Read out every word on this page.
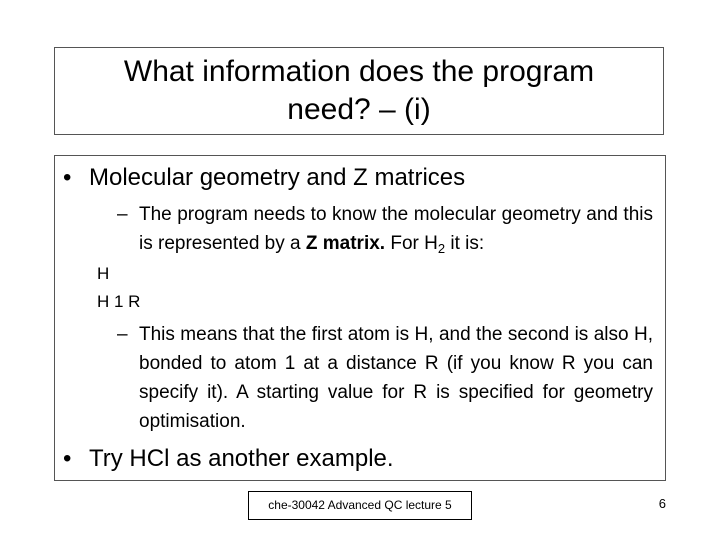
What information does the program
need? – (i)
• Molecular geometry and Z matrices
– The program needs to know the molecular geometry and this is represented by a Z matrix. For $H_2$ it is:
H
H 1 R
– This means that the first atom is H, and the second is also H, bonded to atom 1 at a distance R (if you know R you can specify it). A starting value for R is specified for geometry optimisation.
• Try HCl as another example.
che-30042 Advanced QC lecture 5	6
